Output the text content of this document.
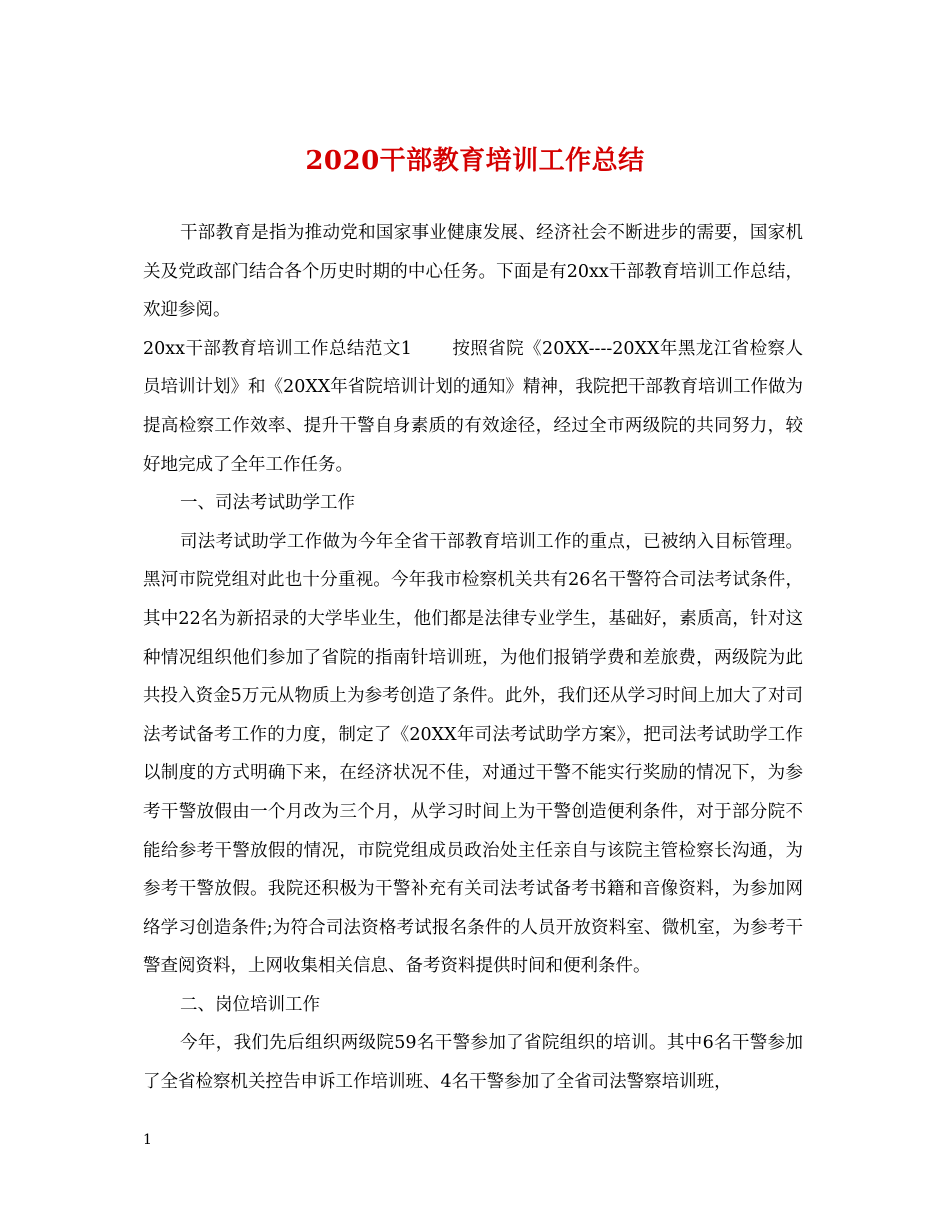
2020干部教育培训工作总结

干部教育是指为推动党和国家事业健康发展、经济社会不断进步的需要，国家机关及党政部门结合各个历史时期的中心任务。下面是有20xx干部教育培训工作总结，欢迎参阅。

20xx干部教育培训工作总结范文1 按照省院《20XX----20XX年黑龙江省检察人员培训计划》和《20XX年省院培训计划的通知》精神，我院把干部教育培训工作做为提高检察工作效率、提升干警自身素质的有效途径，经过全市两级院的共同努力，较好地完成了全年工作任务。

一、司法考试助学工作

司法考试助学工作做为今年全省干部教育培训工作的重点，已被纳入目标管理。黑河市院党组对此也十分重视。今年我市检察机关共有26名干警符合司法考试条件，其中22名为新招录的大学毕业生，他们都是法律专业学生，基础好，素质高，针对这种情况组织他们参加了省院的指南针培训班，为他们报销学费和差旅费，两级院为此共投入资金5万元从物质上为参考创造了条件。此外，我们还从学习时间上加大了对司法考试备考工作的力度，制定了《20XX年司法考试助学方案》，把司法考试助学工作以制度的方式明确下来，在经济状况不佳，对通过干警不能实行奖励的情况下，为参考干警放假由一个月改为三个月，从学习时间上为干警创造便利条件，对于部分院不能给参考干警放假的情况，市院党组成员政治处主任亲自与该院主管检察长沟通，为参考干警放假。我院还积极为干警补充有关司法考试备考书籍和音像资料，为参加网络学习创造条件;为符合司法资格考试报名条件的人员开放资料室、微机室，为参考干警查阅资料，上网收集相关信息、备考资料提供时间和便利条件。

二、岗位培训工作

今年，我们先后组织两级院59名干警参加了省院组织的培训。其中6名干警参加了全省检察机关控告申诉工作培训班、4名干警参加了全省司法警察培训班，

1
